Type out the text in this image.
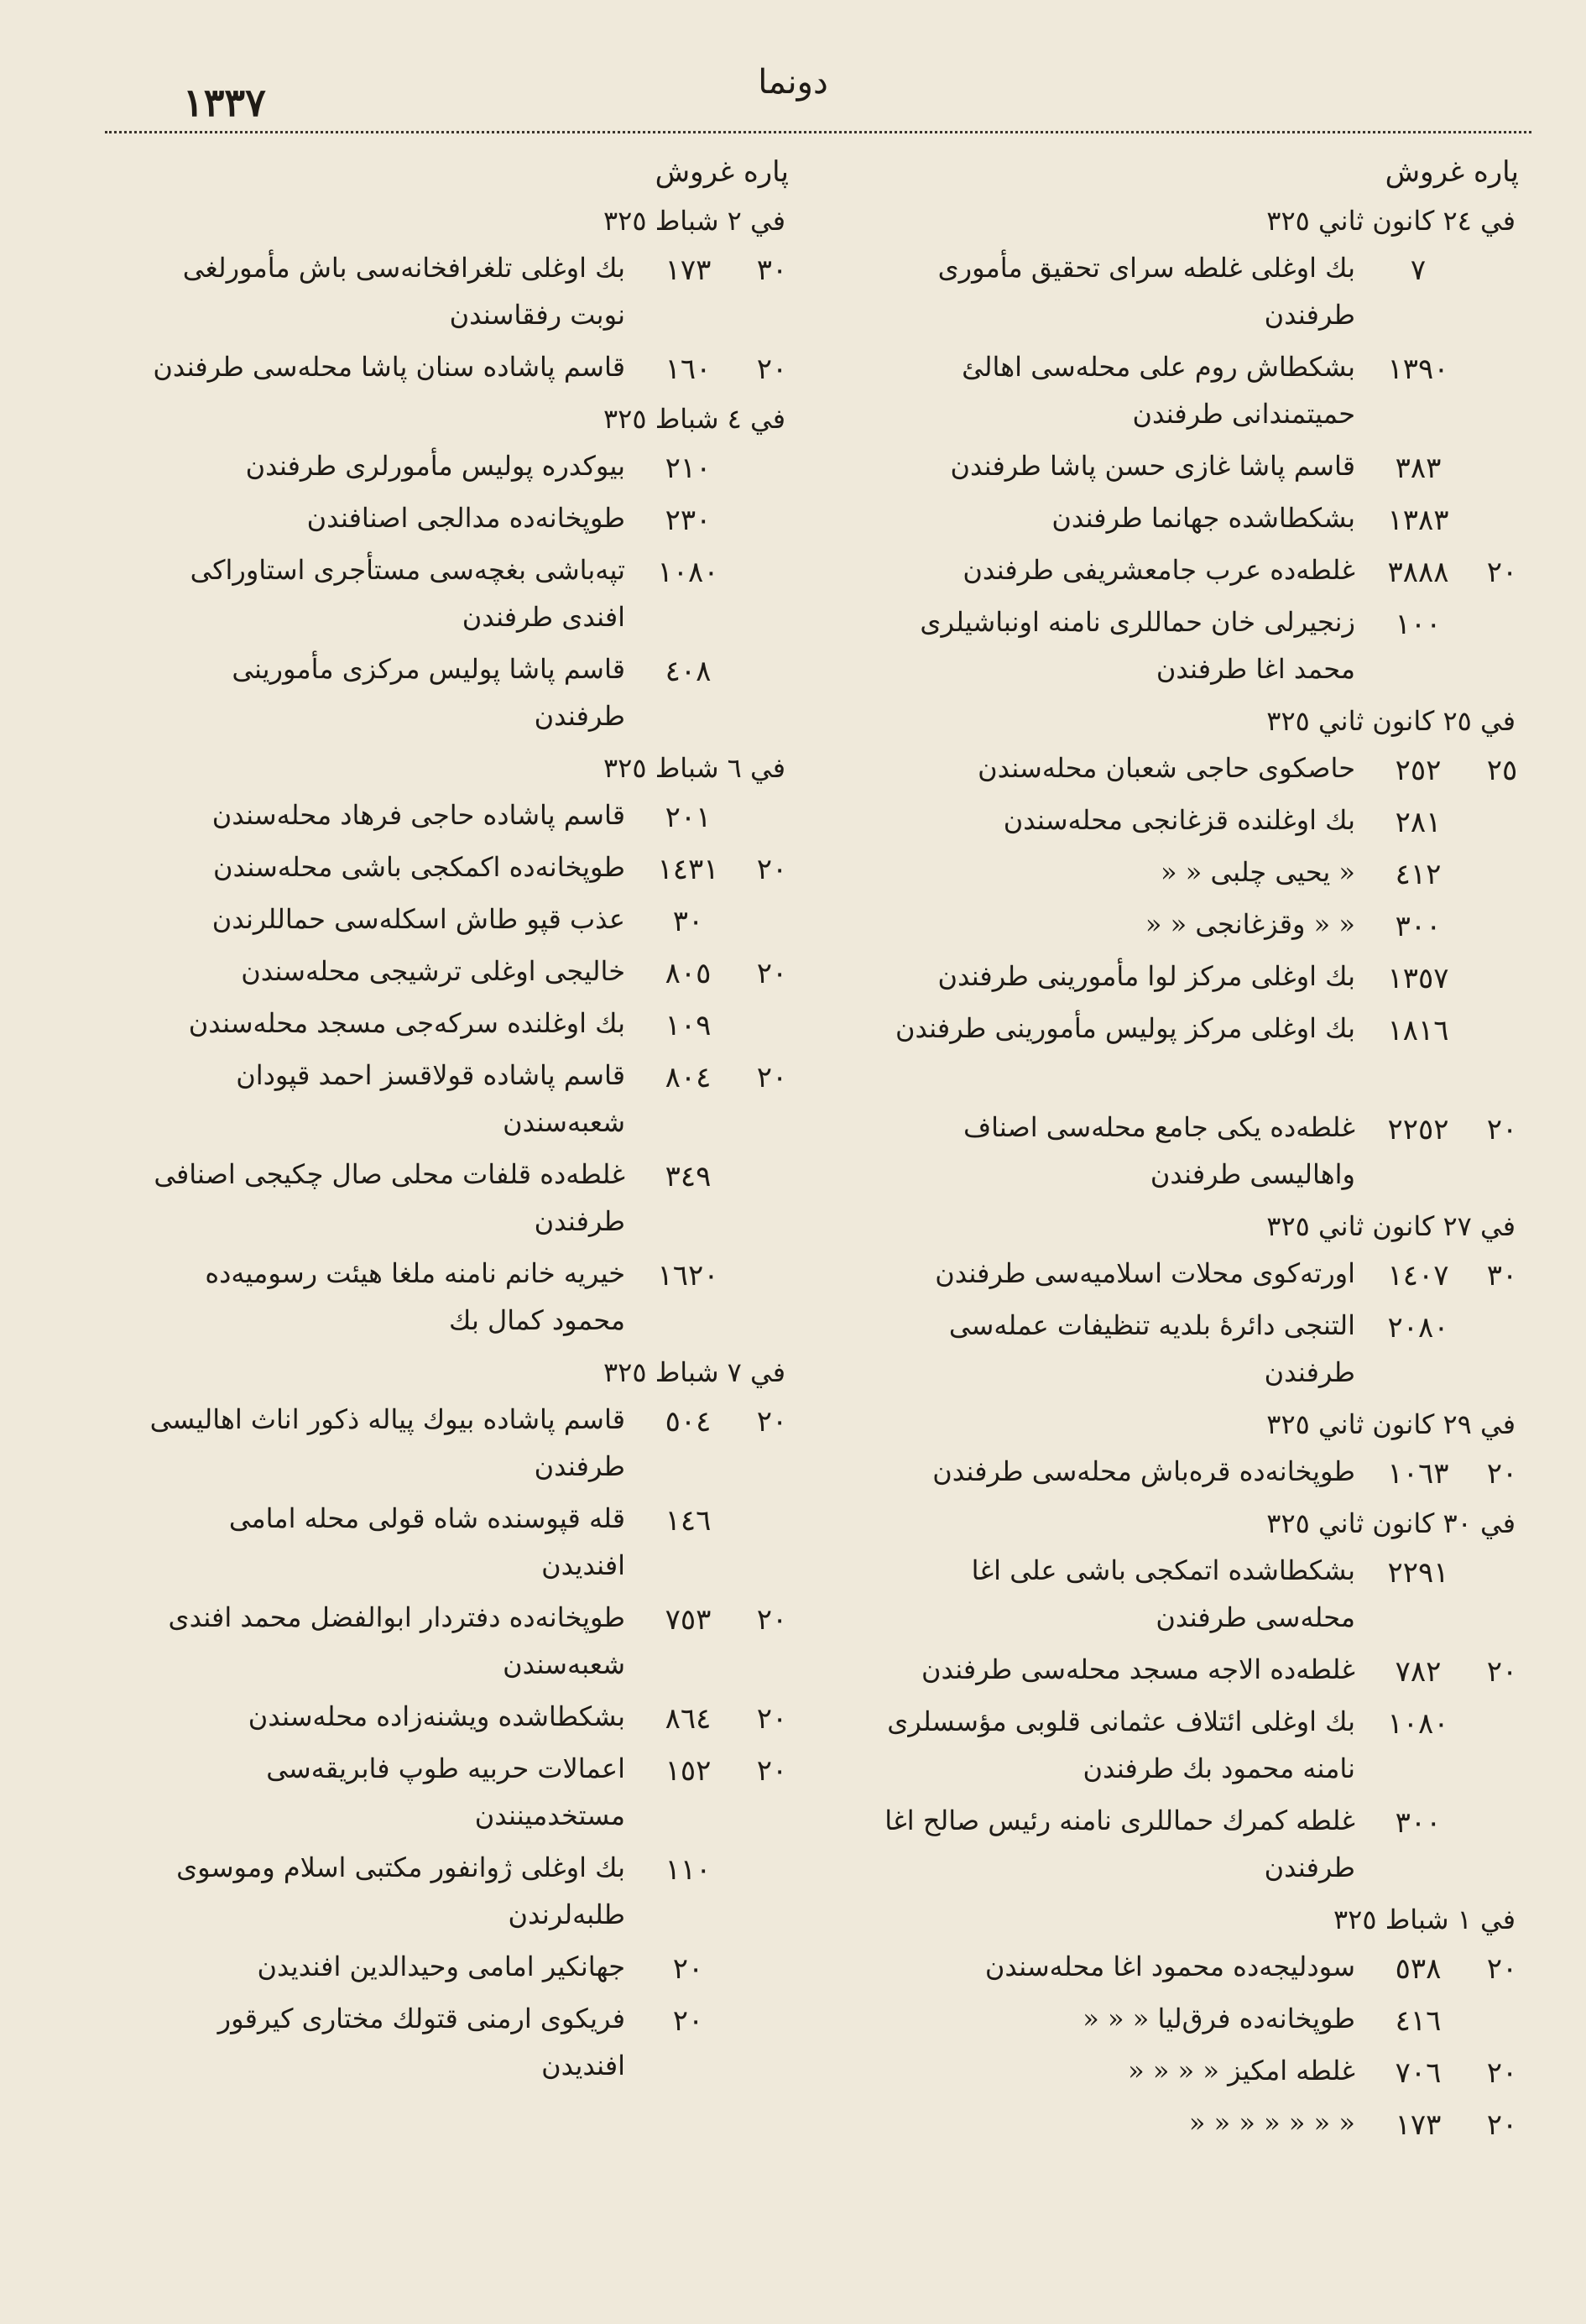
١٣٣٧	دونما
پاره غروش
في ٢٤ كانون ثاني ٣٢٥
٧
بك اوغلى غلطه سراى تحقيق مأمورى طرفندن
١٣٩٠
بشكطاش روم على محله‌سى اهالئ حميتمندانى طرفندن
٣٨٣
قاسم پاشا غازى حسن پاشا طرفندن
١٣٨٣
بشكطاشده جهانما طرفندن
٢٠
٣٨٨٨
غلطه‌ده عرب جامعشريفى طرفندن
١٠٠
زنجيرلى خان حماللرى نامنه اونباشيلرى محمد اغا طرفندن
في ٢٥ كانون ثاني ٣٢٥
٢٥
٢٥٢
حاصكوى حاجى شعبان محله‌سندن
٢٨١
بك اوغلنده قزغانجى محله‌سندن
٤١٢
« يحيى چلبى « «
٣٠٠
« « وقزغانجى « «
١٣٥٧
بك اوغلى مركز لوا مأمورينى طرفندن
١٨١٦
بك اوغلى مركز پوليس مأمورينى طرفندن
٢٠
٢٢٥٢
غلطه‌ده يكى جامع محله‌سى اصناف واهاليسى طرفندن
في ٢٧ كانون ثاني ٣٢٥
٣٠
١٤٠٧
اورته‌كوى محلات اسلاميه‌سى طرفندن
٢٠٨٠
التنجى دائرۀ بلديه تنظيفات عمله‌سى طرفندن
في ٢٩ كانون ثاني ٣٢٥
٢٠
١٠٦٣
طوپخانه‌ده قره‌باش محله‌سى طرفندن
في ٣٠ كانون ثاني ٣٢٥
٢٢٩١
بشكطاشده اتمكجى باشى على اغا محله‌سى طرفندن
٢٠
٧٨٢
غلطه‌ده الاجه مسجد محله‌سى طرفندن
١٠٨٠
بك اوغلى ائتلاف عثمانى قلوبى مؤسسلرى نامنه محمود بك طرفندن
٣٠٠
غلطه كمرك حماللرى نامنه رئيس صالح اغا طرفندن
في ١ شباط ٣٢٥
٢٠
٥٣٨
سودليجه‌ده محمود اغا محله‌سندن
٤١٦
طوپخانه‌ده فرق‌ليا « « «
٢٠
٧٠٦
غلطه امكيز « « « «
٢٠
١٧٣
« « « « « « «
پاره غروش
في ٢ شباط ٣٢٥
٣٠
١٧٣
بك اوغلى تلغرافخانه‌سى باش مأمورلغى نوبت رفقاسندن
٢٠
١٦٠
قاسم پاشاده سنان پاشا محله‌سى طرفندن
في ٤ شباط ٣٢٥
٢١٠
بيوكدره پوليس مأمورلرى طرفندن
٢٣٠
طوپخانه‌ده مدالجى اصنافندن
١٠٨٠
تپه‌باشى بغچه‌سى مستأجرى استاوراكى افندى طرفندن
٤٠٨
قاسم پاشا پوليس مركزى مأمورينى طرفندن
في ٦ شباط ٣٢٥
٢٠١
قاسم پاشاده حاجى فرهاد محله‌سندن
٢٠
١٤٣١
طوپخانه‌ده اكمكجى باشى محله‌سندن
٣٠
عذب قپو طاش اسكله‌سى حماللرندن
٢٠
٨٠٥
خاليجى اوغلى ترشيجى محله‌سندن
١٠٩
بك اوغلنده سركه‌جى مسجد محله‌سندن
٢٠
٨٠٤
قاسم پاشاده قولاقسز احمد قپودان شعبه‌سندن
٣٤٩
غلطه‌ده قلفات محلى صال چكيجى اصنافى طرفندن
١٦٢٠
خيريه خانم نامنه ملغا هيئت رسوميه‌ده محمود كمال بك
في ٧ شباط ٣٢٥
٢٠
٥٠٤
قاسم پاشاده بيوك پياله ذكور اناث اهاليسى طرفندن
١٤٦
قله قپوسنده شاه قولى محله امامى افنديدن
٢٠
٧٥٣
طوپخانه‌ده دفتردار ابوالفضل محمد افندى شعبه‌سندن
٢٠
٨٦٤
بشكطاشده ويشنه‌زاده محله‌سندن
٢٠
١٥٢
اعمالات حربيه طوپ فابريقه‌سى مستخدمينندن
١١٠
بك اوغلى ژوانفور مكتبى اسلام وموسوى طلبه‌لرندن
٢٠
جهانكير امامى وحيدالدين افنديدن
٢٠
فريكوى ارمنى قتولك مختارى كيرقور افنديدن
